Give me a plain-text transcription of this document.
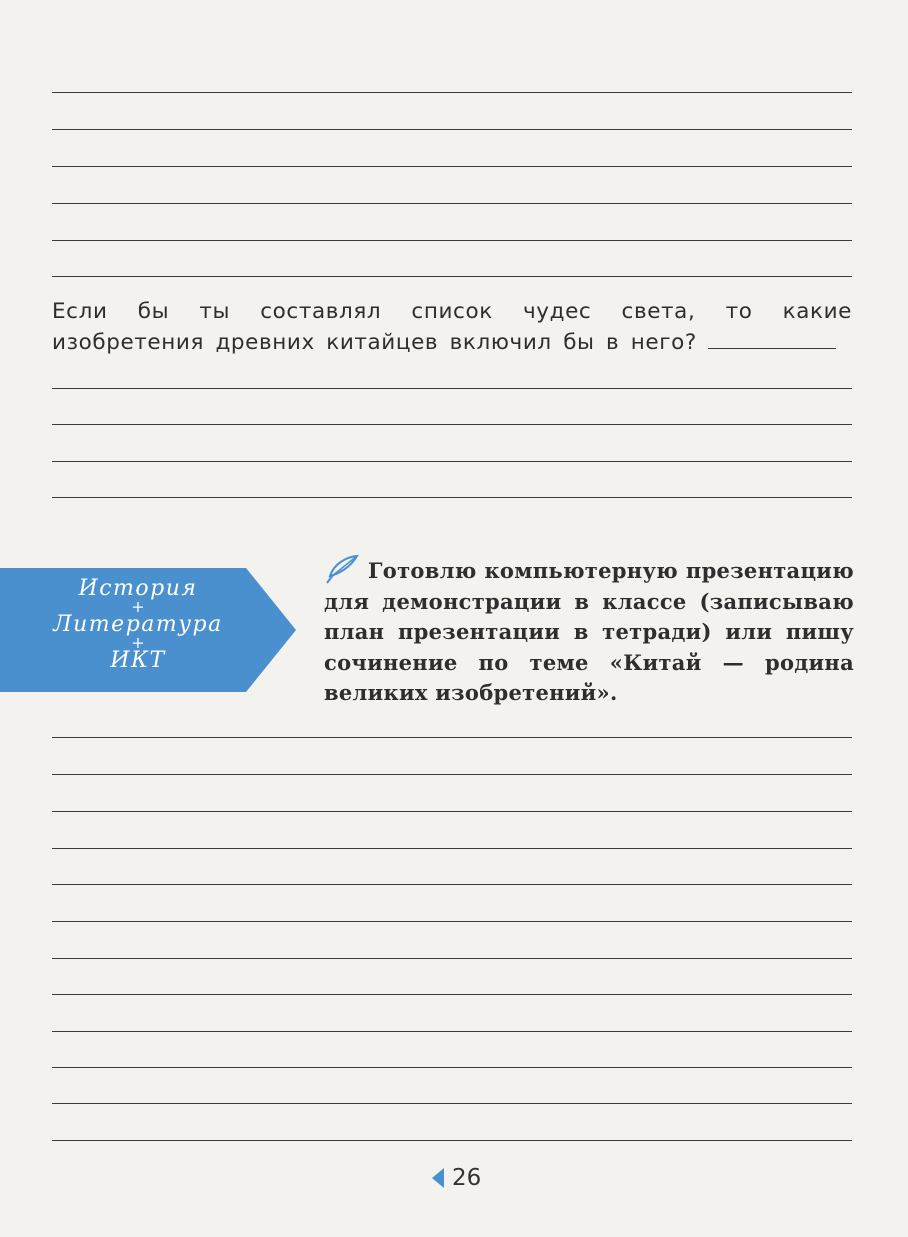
Если бы ты составлял список чудес света, то какие изобретения древних китайцев включил бы в него?
История
+
Литература
+
ИКТ
Готовлю компьютерную презентацию для демонстрации в классе (записываю план презентации в тетради) или пишу сочинение по теме «Китай — родина великих изобретений».
26
